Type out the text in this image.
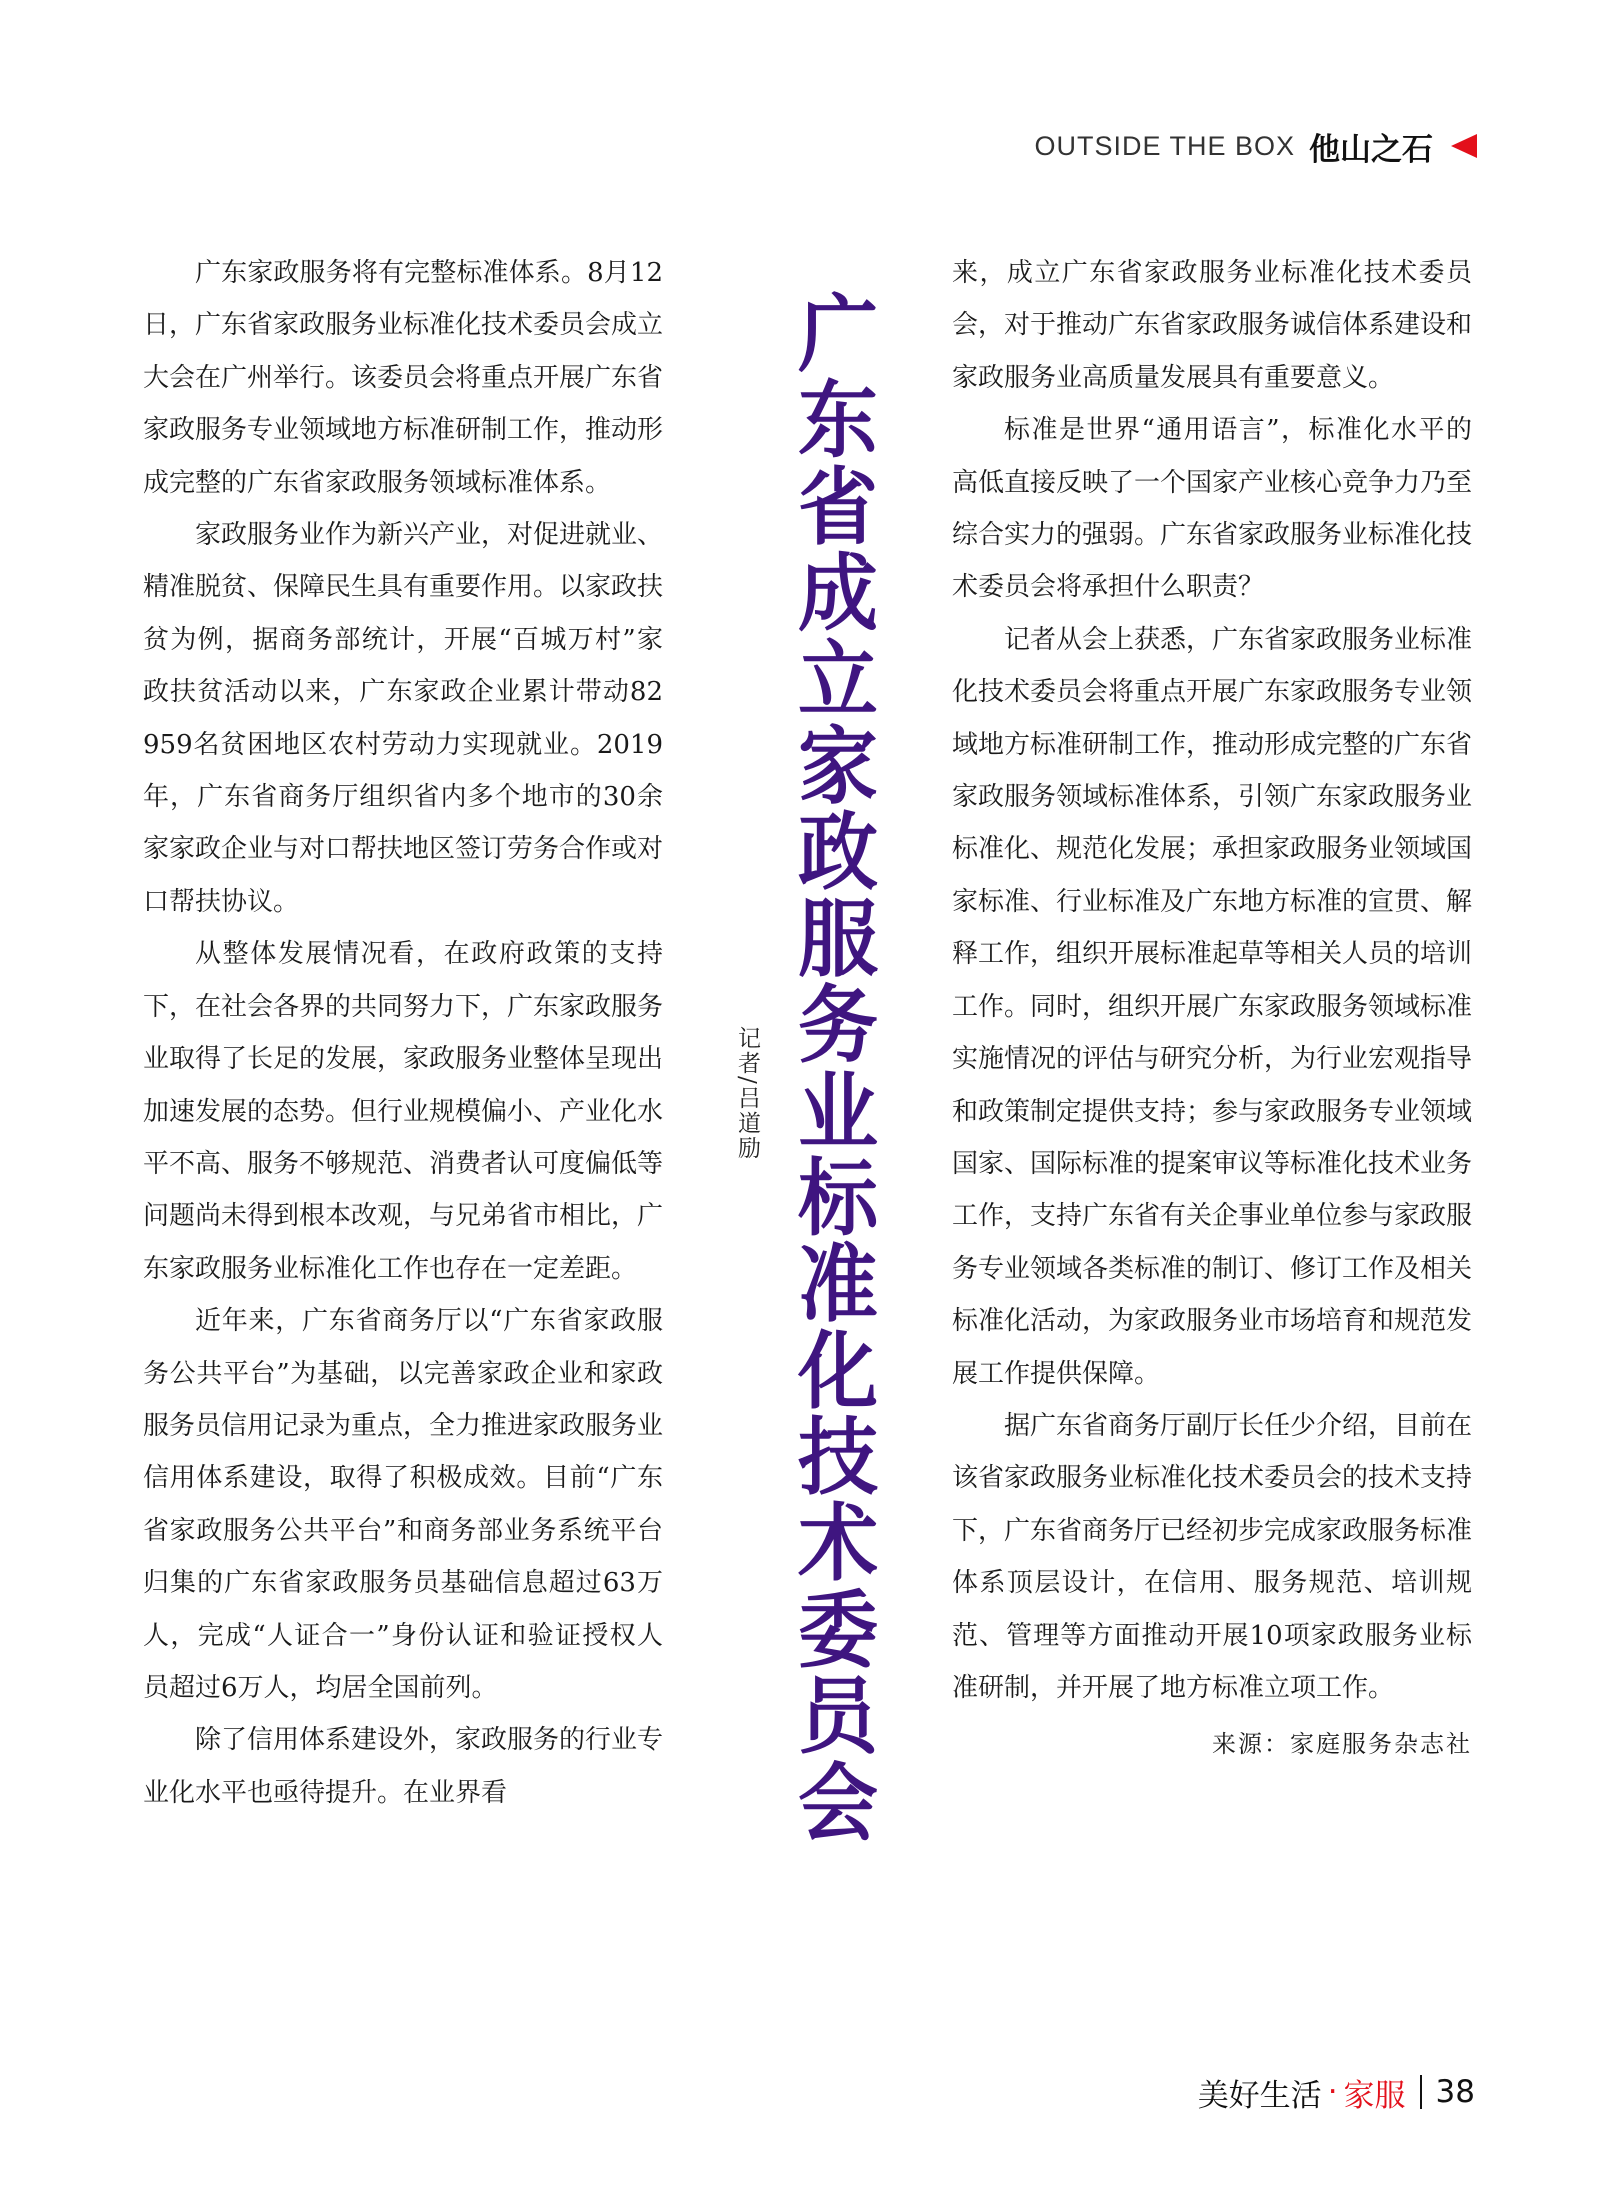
OUTSIDE THE BOX 他山之石

广东家政服务将有完整标准体系。8月12日，广东省家政服务业标准化技术委员会成立大会在广州举行。该委员会将重点开展广东省家政服务专业领域地方标准研制工作，推动形成完整的广东省家政服务领域标准体系。

家政服务业作为新兴产业，对促进就业、精准脱贫、保障民生具有重要作用。以家政扶贫为例，据商务部统计，开展“百城万村”家政扶贫活动以来，广东家政企业累计带动82 959名贫困地区农村劳动力实现就业。2019年，广东省商务厅组织省内多个地市的30余家家政企业与对口帮扶地区签订劳务合作或对口帮扶协议。

从整体发展情况看，在政府政策的支持下，在社会各界的共同努力下，广东家政服务业取得了长足的发展，家政服务业整体呈现出加速发展的态势。但行业规模偏小、产业化水平不高、服务不够规范、消费者认可度偏低等问题尚未得到根本改观，与兄弟省市相比，广东家政服务业标准化工作也存在一定差距。

近年来，广东省商务厅以“广东省家政服务公共平台”为基础，以完善家政企业和家政服务员信用记录为重点，全力推进家政服务业信用体系建设，取得了积极成效。目前“广东省家政服务公共平台”和商务部业务系统平台归集的广东省家政服务员基础信息超过63万人，完成“人证合一”身份认证和验证授权人员超过6万人，均居全国前列。

除了信用体系建设外，家政服务的行业专业化水平也亟待提升。在业界看

广
东
省
成
立
家
政
服
务
业
标
准
化
技
术
委
员
会
记者/吕道励

来，成立广东省家政服务业标准化技术委员会，对于推动广东省家政服务诚信体系建设和家政服务业高质量发展具有重要意义。

标准是世界“通用语言”，标准化水平的高低直接反映了一个国家产业核心竞争力乃至综合实力的强弱。广东省家政服务业标准化技术委员会将承担什么职责？

记者从会上获悉，广东省家政服务业标准化技术委员会将重点开展广东家政服务专业领域地方标准研制工作，推动形成完整的广东省家政服务领域标准体系，引领广东家政服务业标准化、规范化发展；承担家政服务业领域国家标准、行业标准及广东地方标准的宣贯、解释工作，组织开展标准起草等相关人员的培训工作。同时，组织开展广东家政服务领域标准实施情况的评估与研究分析，为行业宏观指导和政策制定提供支持；参与家政服务专业领域国家、国际标准的提案审议等标准化技术业务工作，支持广东省有关企事业单位参与家政服务专业领域各类标准的制订、修订工作及相关标准化活动，为家政服务业市场培育和规范发展工作提供保障。

据广东省商务厅副厅长任少介绍，目前在该省家政服务业标准化技术委员会的技术支持下，广东省商务厅已经初步完成家政服务标准体系顶层设计，在信用、服务规范、培训规范、管理等方面推动开展10项家政服务业标准研制，并开展了地方标准立项工作。

来源：家庭服务杂志社
美好生活 · 家服 38
